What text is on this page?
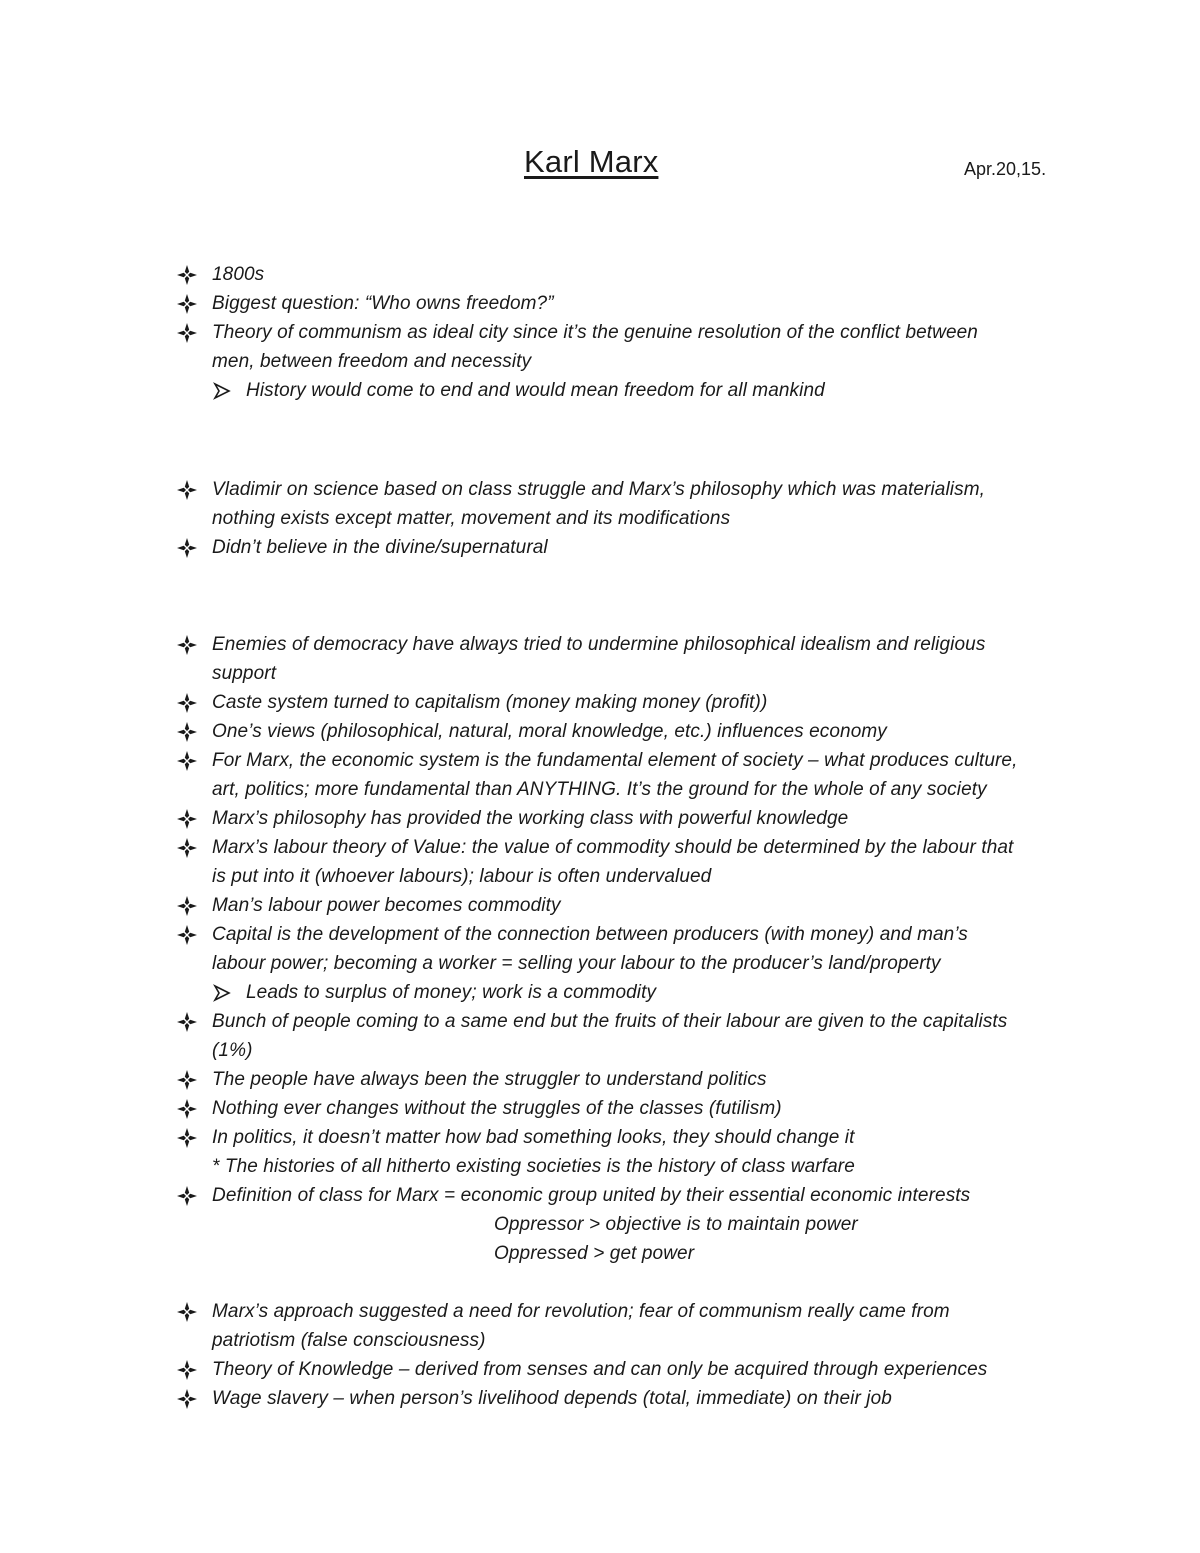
Karl Marx	Apr.20,15.
1800s
Biggest question: “Who owns freedom?”
Theory of communism as ideal city since it’s the genuine resolution of the conflict between
men, between freedom and necessity
History would come to end and would mean freedom for all mankind
Vladimir on science based on class struggle and Marx’s philosophy which was materialism,
nothing exists except matter, movement and its modifications
Didn’t believe in the divine/supernatural
Enemies of democracy have always tried to undermine philosophical idealism and religious
support
Caste system turned to capitalism (money making money (profit))
One’s views (philosophical, natural, moral knowledge, etc.) influences economy
For Marx, the economic system is the fundamental element of society – what produces culture,
art, politics; more fundamental than ANYTHING. It’s the ground for the whole of any society
Marx’s philosophy has provided the working class with powerful knowledge
Marx’s labour theory of Value: the value of commodity should be determined by the labour that
is put into it (whoever labours); labour is often undervalued
Man’s labour power becomes commodity
Capital is the development of the connection between producers (with money) and man’s
labour power; becoming a worker = selling your labour to the producer’s land/property
Leads to surplus of money; work is a commodity
Bunch of people coming to a same end but the fruits of their labour are given to the capitalists
(1%)
The people have always been the struggler to understand politics
Nothing ever changes without the struggles of the classes (futilism)
In politics, it doesn’t matter how bad something looks, they should change it
* The histories of all hitherto existing societies is the history of class warfare
Definition of class for Marx = economic group united by their essential economic interests
Oppressor > objective is to maintain power
Oppressed > get power
Marx’s approach suggested a need for revolution; fear of communism really came from
patriotism (false consciousness)
Theory of Knowledge – derived from senses and can only be acquired through experiences
Wage slavery – when person’s livelihood depends (total, immediate) on their job
